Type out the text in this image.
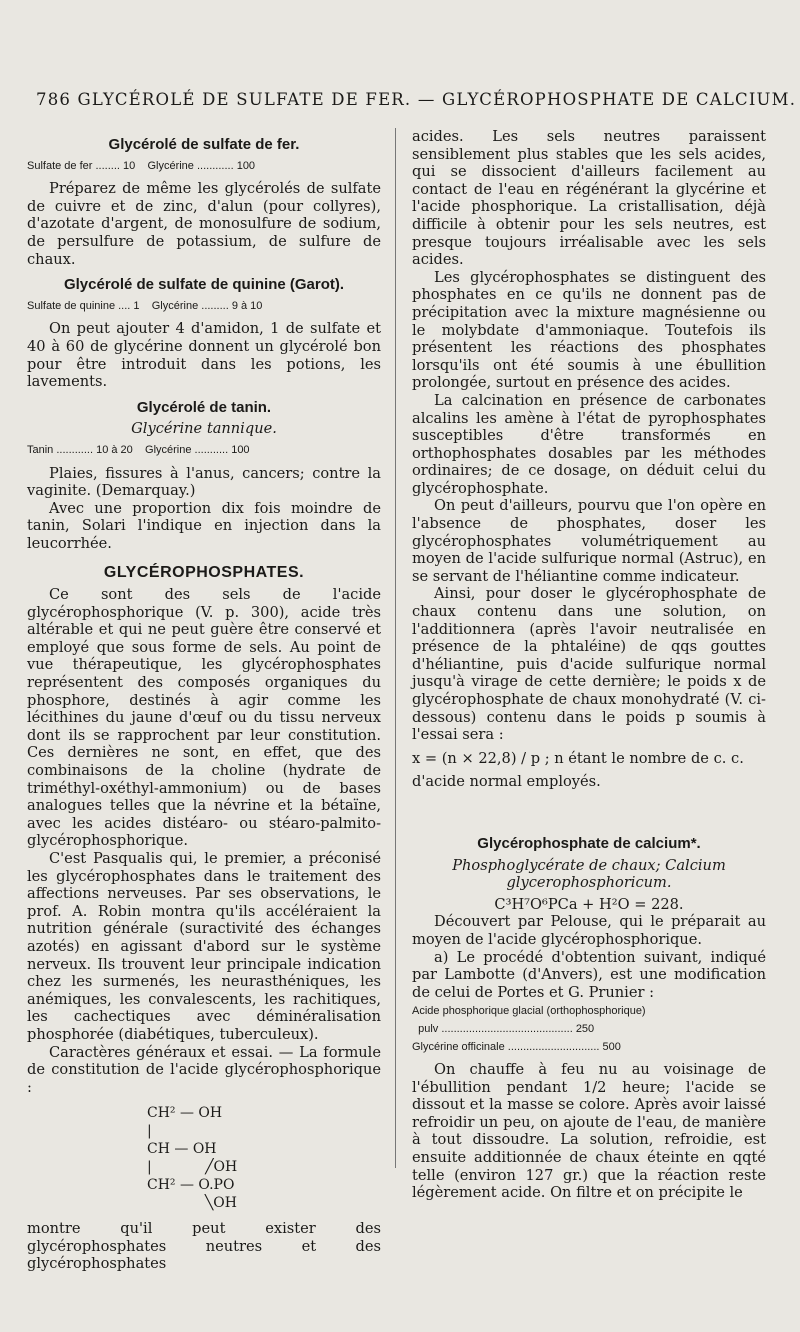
786 GLYCÉROLÉ DE SULFATE DE FER. — GLYCÉROPHOSPHATE DE CALCIUM.
Glycérolé de sulfate de fer.
Sulfate de fer ........ 10    Glycérine ............ 100

Préparez de même les glycérolés de sulfate de cuivre et de zinc, d'alun (pour collyres), d'azotate d'argent, de monosulfure de sodium, de persulfure de potassium, de sulfure de chaux.

Glycérolé de sulfate de quinine (Garot).
Sulfate de quinine .... 1    Glycérine ......... 9 à 10

On peut ajouter 4 d'amidon, 1 de sulfate et 40 à 60 de glycérine donnent un glycérolé bon pour être introduit dans les potions, les lavements.

Glycérolé de tanin.
Glycérine tannique.
Tanin ............ 10 à 20    Glycérine ........... 100

Plaies, fissures à l'anus, cancers; contre la vaginite. (Demarquay.)

Avec une proportion dix fois moindre de tanin, Solari l'indique en injection dans la leucorrhée.

GLYCÉROPHOSPHATES.

Ce sont des sels de l'acide glycérophosphorique (V. p. 300), acide très altérable et qui ne peut guère être conservé et employé que sous forme de sels. Au point de vue thérapeutique, les glycérophosphates représentent des composés organiques du phosphore, destinés à agir comme les lécithines du jaune d'œuf ou du tissu nerveux dont ils se rapprochent par leur constitution. Ces dernières ne sont, en effet, que des combinaisons de la choline (hydrate de triméthyl-oxéthyl-ammonium) ou de bases analogues telles que la névrine et la bétaïne, avec les acides distéaro- ou stéaro-palmito-glycérophosphorique.

C'est Pasqualis qui, le premier, a préconisé les glycérophosphates dans le traitement des affections nerveuses. Par ses observations, le prof. A. Robin montra qu'ils accéléraient la nutrition générale (suractivité des échanges azotés) en agissant d'abord sur le système nerveux. Ils trouvent leur principale indication chez les surmenés, les neurasthéniques, les anémiques, les convalescents, les rachitiques, les cachectiques avec déminéralisation phosphorée (diabétiques, tuberculeux).

Caractères généraux et essai. — La formule de constitution de l'acide glycérophosphorique :

CH² — OH
|
CH — OH
|            ╱OH
CH² — O.PO
╲OH

montre qu'il peut exister des glycérophosphates neutres et des glycérophosphates

acides. Les sels neutres paraissent sensiblement plus stables que les sels acides, qui se dissocient d'ailleurs facilement au contact de l'eau en régénérant la glycérine et l'acide phosphorique. La cristallisation, déjà difficile à obtenir pour les sels neutres, est presque toujours irréalisable avec les sels acides.

Les glycérophosphates se distinguent des phosphates en ce qu'ils ne donnent pas de précipitation avec la mixture magnésienne ou le molybdate d'ammoniaque. Toutefois ils présentent les réactions des phosphates lorsqu'ils ont été soumis à une ébullition prolongée, surtout en présence des acides.

La calcination en présence de carbonates alcalins les amène à l'état de pyrophosphates susceptibles d'être transformés en orthophosphates dosables par les méthodes ordinaires; de ce dosage, on déduit celui du glycérophosphate.

On peut d'ailleurs, pourvu que l'on opère en l'absence de phosphates, doser les glycérophosphates volumétriquement au moyen de l'acide sulfurique normal (Astruc), en se servant de l'héliantine comme indicateur.

Ainsi, pour doser le glycérophosphate de chaux contenu dans une solution, on l'additionnera (après l'avoir neutralisée en présence de la phtaléine) de qqs gouttes d'héliantine, puis d'acide sulfurique normal jusqu'à virage de cette dernière; le poids x de glycérophosphate de chaux monohydraté (V. ci-dessous) contenu dans le poids p soumis à l'essai sera :

x = (n × 22,8) / p ; n étant le nombre de c. c.

d'acide normal employés.

Glycérophosphate de calcium*.
Phosphoglycérate de chaux; Calcium glycerophosphoricum.
C³H⁷O⁶PCa + H²O = 228.

Découvert par Pelouse, qui le préparait au moyen de l'acide glycérophosphorique.

a) Le procédé d'obtention suivant, indiqué par Lambotte (d'Anvers), est une modification de celui de Portes et G. Prunier :

Acide phosphorique glacial (orthophosphorique)
pulv ........................................... 250
Glycérine officinale .............................. 500

On chauffe à feu nu au voisinage de l'ébullition pendant 1/2 heure; l'acide se dissout et la masse se colore. Après avoir laissé refroidir un peu, on ajoute de l'eau, de manière à tout dissoudre. La solution, refroidie, est ensuite additionnée de chaux éteinte en qqté telle (environ 127 gr.) que la réaction reste légèrement acide. On filtre et on précipite le
